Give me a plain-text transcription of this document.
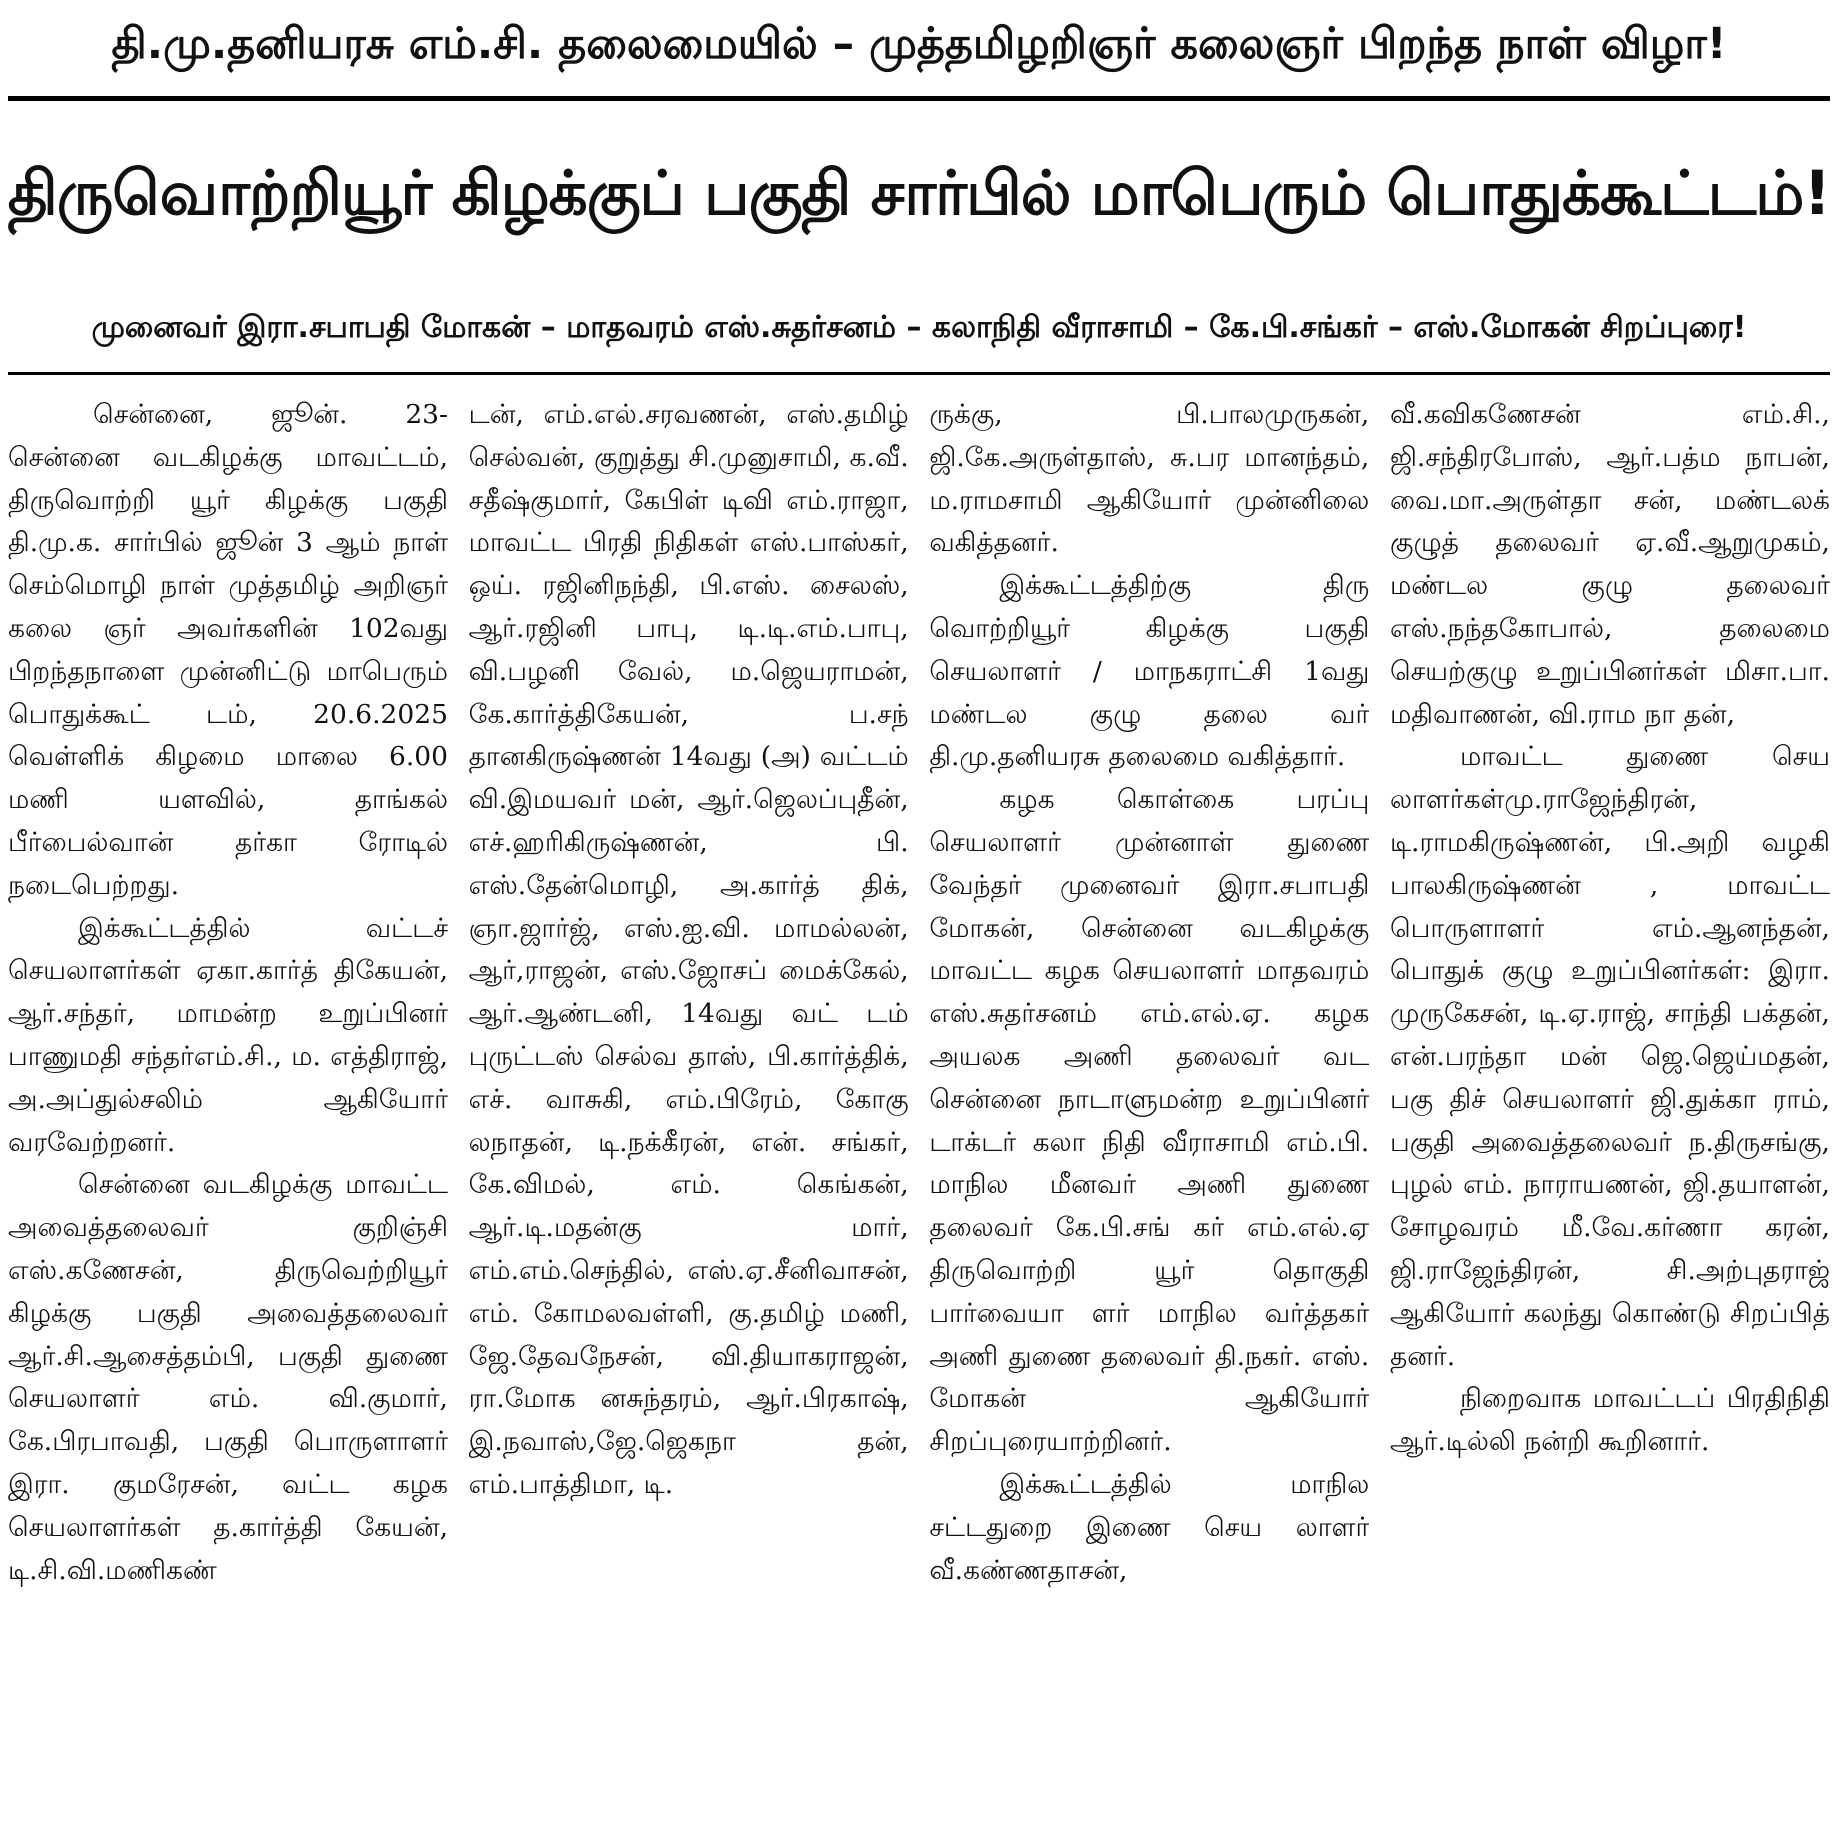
தி.மு.தனியரசு எம்.சி. தலைமையில் – முத்தமிழறிஞர் கலைஞர் பிறந்த நாள் விழா!
திருவொற்றியூர் கிழக்குப் பகுதி சார்பில் மாபெரும் பொதுக்கூட்டம்!
முனைவர் இரா.சபாபதி மோகன் – மாதவரம் எஸ்.சுதர்சனம் – கலாநிதி வீராசாமி – கே.பி.சங்கர் – எஸ்.மோகன் சிறப்புரை!

சென்னை, ஜூன். 23- சென்னை வடகிழக்கு மாவட்டம், திருவொற்றி யூர் கிழக்கு பகுதி தி.மு.க. சார்பில் ஜூன் 3 ஆம் நாள் செம்மொழி நாள் முத்தமிழ் அறிஞர் கலை ஞர் அவர்களின் 102வது பிறந்தநாளை முன்னிட்டு மாபெரும் பொதுக்கூட் டம், 20.6.2025 வெள்ளிக் கிழமை மாலை 6.00 மணி யளவில், தாங்கல் பீர்பைல்வான் தர்கா ரோடில் நடைபெற்றது.

இக்கூட்டத்தில் வட்டச் செயலாளர்கள் ஏகா.கார்த் திகேயன், ஆர்.சந்தர், மாமன்ற உறுப்பினர் பாணுமதி சந்தர்எம்.சி., ம. எத்திராஜ், அ.அப்துல்சலிம் ஆகியோர் வரவேற்றனர்.

சென்னை வடகிழக்கு மாவட்ட அவைத்தலைவர் குறிஞ்சி எஸ்.கணேசன், திருவெற்றியூர் கிழக்கு பகுதி அவைத்தலைவர் ஆர்.சி.ஆசைத்தம்பி, பகுதி துணை செயலாளர் எம். வி.குமார், கே.பிரபாவதி, பகுதி பொருளாளர் இரா. குமரேசன், வட்ட கழக செயலாளர்கள் த.கார்த்தி கேயன், டி.சி.வி.மணிகண்

டன், எம்.எல்.சரவணன், எஸ்.தமிழ் செல்வன், குறுத்து சி.முனுசாமி, க.வீ. சதீஷ்குமார், கேபிள் டிவி எம்.ராஜா, மாவட்ட பிரதி நிதிகள் எஸ்.பாஸ்கர், ஒய். ரஜினிநந்தி, பி.எஸ். சைலஸ், ஆர்.ரஜினி பாபு, டி.டி.எம்.பாபு, வி.பழனி வேல், ம.ஜெயராமன், கே.கார்த்திகேயன், ப.சந் தானகிருஷ்ணன் 14வது (அ) வட்டம் வி.இமயவர் மன், ஆர்.ஜெலப்புதீன், எச்.ஹரிகிருஷ்ணன், பி. எஸ்.தேன்மொழி, அ.கார்த் திக், ஞா.ஜார்ஜ், எஸ்.ஐ.வி. மாமல்லன், ஆர்,ராஜன், எஸ்.ஜோசப் மைக்கேல், ஆர்.ஆண்டனி, 14வது வட் டம் புருட்டஸ் செல்வ தாஸ், பி.கார்த்திக், எச். வாசுகி, எம்.பிரேம், கோகு லநாதன், டி.நக்கீரன், என். சங்கர், கே.விமல், எம். கெங்கன், ஆர்.டி.மதன்கு மார், எம்.எம்.செந்தில், எஸ்.ஏ.சீனிவாசன், எம். கோமலவள்ளி, கு.தமிழ் மணி, ஜே.தேவநேசன், வி.தியாகராஜன், ரா.மோக னசுந்தரம், ஆர்.பிரகாஷ், இ.நவாஸ்,ஜே.ஜெகநா தன், எம்.பாத்திமா, டி.

ருக்கு, பி.பாலமுருகன், ஜி.கே.அருள்தாஸ், சு.பர மானந்தம், ம.ராமசாமி ஆகியோர் முன்னிலை வகித்தனர்.

இக்கூட்டத்திற்கு திரு வொற்றியூர் கிழக்கு பகுதி செயலாளர் / மாநகராட்சி 1வது மண்டல குழு தலை வர் தி.மு.தனியரசு தலைமை வகித்தார்.

கழக கொள்கை பரப்பு செயலாளர் முன்னாள் துணை வேந்தர் முனைவர் இரா.சபாபதி மோகன், சென்னை வடகிழக்கு மாவட்ட கழக செயலாளர் மாதவரம் எஸ்.சுதர்சனம் எம்.எல்.ஏ. கழக அயலக அணி தலைவர் வட சென்னை நாடாளுமன்ற உறுப்பினர் டாக்டர் கலா நிதி வீராசாமி எம்.பி. மாநில மீனவர் அணி துணை தலைவர் கே.பி.சங் கர் எம்.எல்.ஏ திருவொற்றி யூர் தொகுதி பார்வையா ளர் மாநில வர்த்தகர் அணி துணை தலைவர் தி.நகர். எஸ். மோகன் ஆகியோர் சிறப்புரையாற்றினர்.

இக்கூட்டத்தில் மாநில சட்டதுறை இணை செய லாளர் வீ.கண்ணதாசன்,

வீ.கவிகணேசன் எம்.சி., ஜி.சந்திரபோஸ், ஆர்.பத்ம நாபன், வை.மா.அருள்தா சன், மண்டலக் குழுத் தலைவர் ஏ.வீ.ஆறுமுகம், மண்டல குழு தலைவர் எஸ்.நந்தகோபால், தலைமை செயற்குழு உறுப்பினர்கள் மிசா.பா. மதிவாணன், வி.ராம நா தன்,

மாவட்ட துணை செய லாளர்கள்மு.ராஜேந்திரன், டி.ராமகிருஷ்ணன், பி.அறி வழகி பாலகிருஷ்ணன் , மாவட்ட பொருளாளர் எம்.ஆனந்தன், பொதுக் குழு உறுப்பினர்கள்: இரா. முருகேசன், டி.ஏ.ராஜ், சாந்தி பக்தன், என்.பரந்தா மன் ஜெ.ஜெய்மதன், பகு திச் செயலாளர் ஜி.துக்கா ராம், பகுதி அவைத்தலைவர் ந.திருசங்கு, புழல் எம். நாராயணன், ஜி.தயாளன், சோழவரம் மீ.வே.கர்ணா கரன், ஜி.ராஜேந்திரன், சி.அற்புதராஜ் ஆகியோர் கலந்து கொண்டு சிறப்பித் தனர்.

நிறைவாக மாவட்டப் பிரதிநிதி ஆர்.டில்லி நன்றி கூறினார்.
